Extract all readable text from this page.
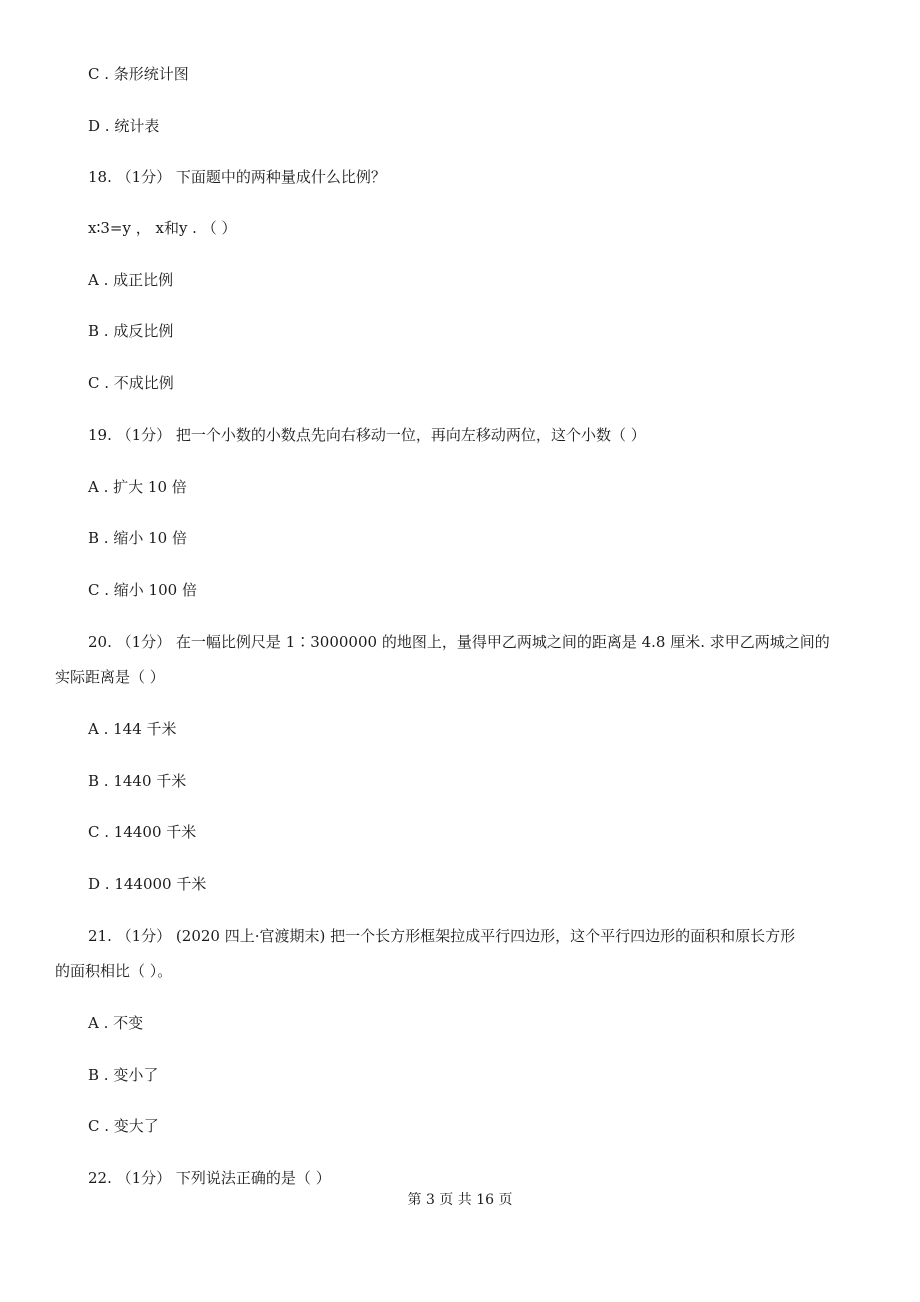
C . 条形统计图
D . 统计表
18. （1分） 下面题中的两种量成什么比例？
x∶3=y ， x和y . （ ）
A . 成正比例
B . 成反比例
C . 不成比例
19. （1分） 把一个小数的小数点先向右移动一位，再向左移动两位，这个小数（ ）
A . 扩大 10 倍
B . 缩小 10 倍
C . 缩小 100 倍
20. （1分） 在一幅比例尺是 1∶3000000 的地图上，量得甲乙两城之间的距离是 4.8 厘米. 求甲乙两城之间的
实际距离是（ ）
A . 144 千米
B . 1440 千米
C . 14400 千米
D . 144000 千米
21. （1分） (2020 四上·官渡期末) 把一个长方形框架拉成平行四边形，这个平行四边形的面积和原长方形
的面积相比（ ）。
A . 不变
B . 变小了
C . 变大了
22. （1分） 下列说法正确的是（ ）
第 3 页 共 16 页
